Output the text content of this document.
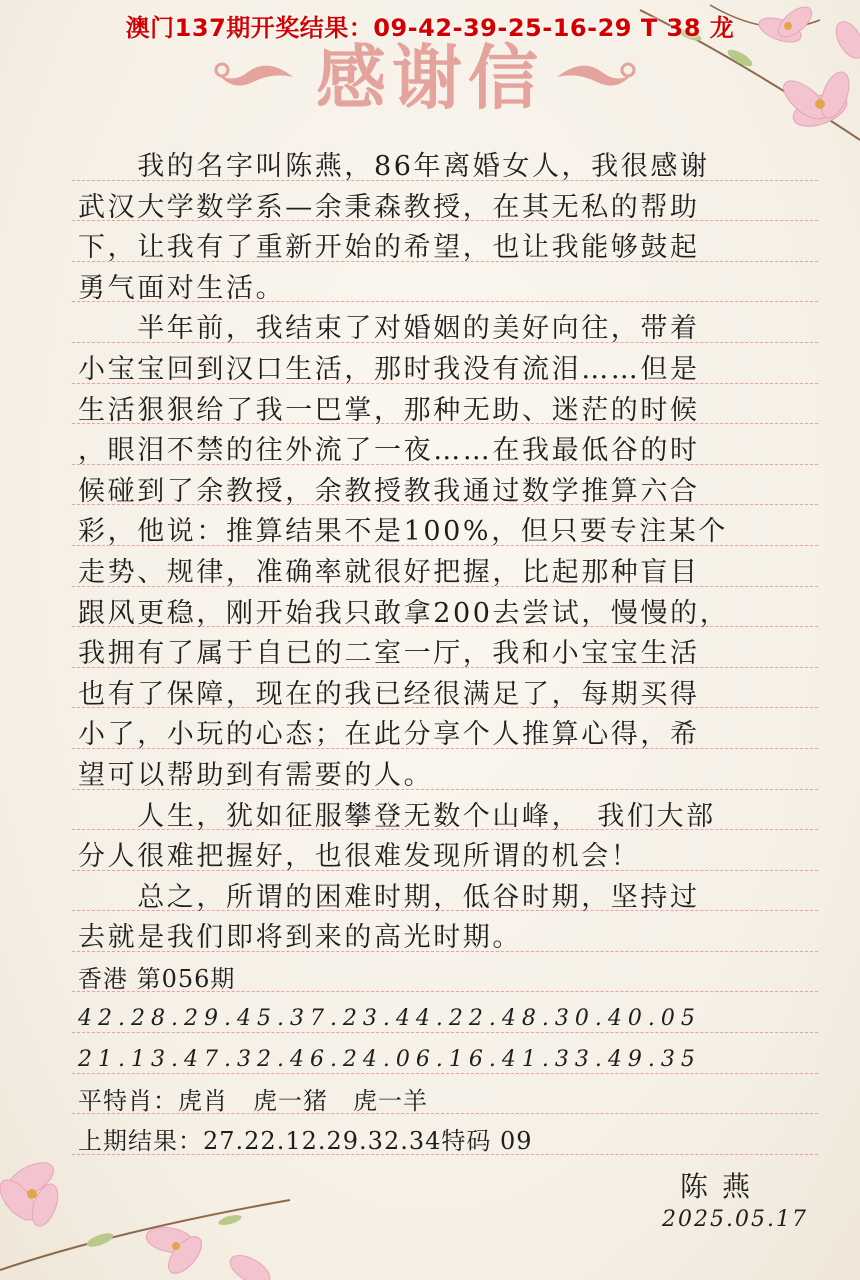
澳门137期开奖结果：09-42-39-25-16-29 T 38 龙
感谢信
　　我的名字叫陈燕，86年离婚女人，我很感谢
武汉大学数学系—余秉森教授，在其无私的帮助
下，让我有了重新开始的希望，也让我能够鼓起
勇气面对生活。
　　半年前，我结束了对婚姻的美好向往，带着
小宝宝回到汉口生活，那时我没有流泪……但是
生活狠狠给了我一巴掌，那种无助、迷茫的时候
，眼泪不禁的往外流了一夜……在我最低谷的时
候碰到了余教授，余教授教我通过数学推算六合
彩，他说：推算结果不是100%，但只要专注某个
走势、规律，准确率就很好把握，比起那种盲目
跟风更稳，刚开始我只敢拿200去尝试，慢慢的，
我拥有了属于自已的二室一厅，我和小宝宝生活
也有了保障，现在的我已经很满足了，每期买得
小了，小玩的心态；在此分享个人推算心得，希
望可以帮助到有需要的人。
　　人生，犹如征服攀登无数个山峰，　我们大部
分人很难把握好，也很难发现所谓的机会！
　　总之，所谓的困难时期，低谷时期，坚持过
去就是我们即将到来的高光时期。
香港 第056期
42.28.29.45.37.23.44.22.48.30.40.05
21.13.47.32.46.24.06.16.41.33.49.35
平特肖：虎肖　虎一猪　虎一羊
上期结果：27.22.12.29.32.34特码 09
陈燕
2025.05.17
